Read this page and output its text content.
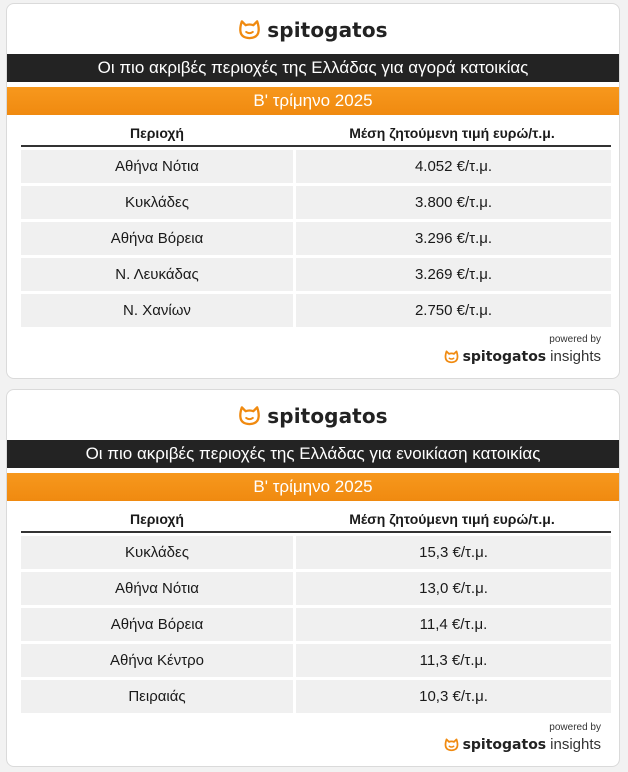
spitogatos
Οι πιο ακριβές περιοχές της Ελλάδας για αγορά κατοικίας
Β' τρίμηνο 2025
Περιοχή	Μέση ζητούμενη τιμή ευρώ/τ.μ.
Αθήνα Νότια	4.052 €/τ.μ.
Κυκλάδες	3.800 €/τ.μ.
Αθήνα Βόρεια	3.296 €/τ.μ.
Ν. Λευκάδας	3.269 €/τ.μ.
Ν. Χανίων	2.750 €/τ.μ.
powered by
spitogatos insights
spitogatos
Οι πιο ακριβές περιοχές της Ελλάδας για ενοικίαση κατοικίας
Β' τρίμηνο 2025
Περιοχή	Μέση ζητούμενη τιμή ευρώ/τ.μ.
Κυκλάδες	15,3 €/τ.μ.
Αθήνα Νότια	13,0 €/τ.μ.
Αθήνα Βόρεια	11,4 €/τ.μ.
Αθήνα Κέντρο	11,3 €/τ.μ.
Πειραιάς	10,3 €/τ.μ.
powered by
spitogatos insights
